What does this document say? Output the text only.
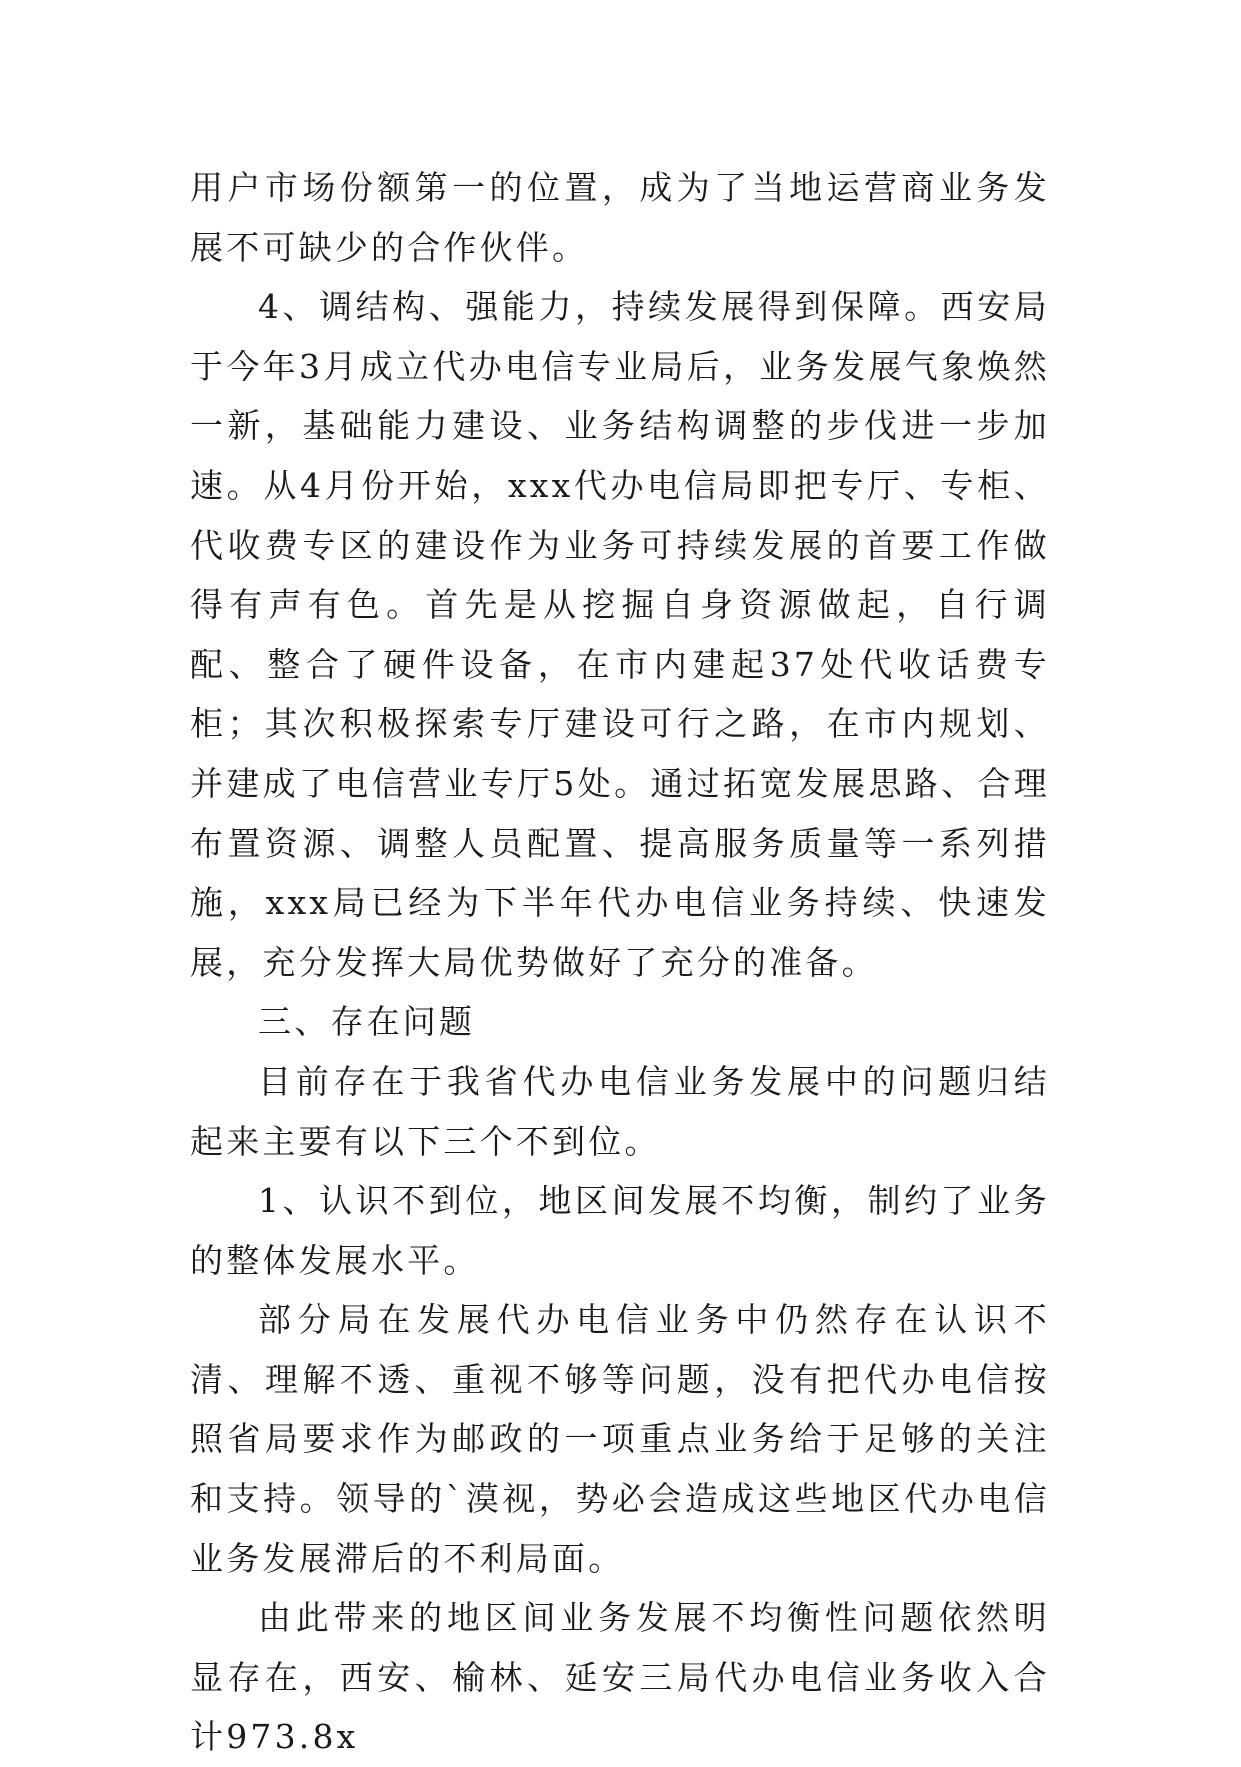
用户市场份额第一的位置，成为了当地运营商业务发展不可缺少的合作伙伴。

4、调结构、强能力，持续发展得到保障。西安局于今年3月成立代办电信专业局后，业务发展气象焕然一新，基础能力建设、业务结构调整的步伐进一步加速。从4月份开始，xxx代办电信局即把专厅、专柜、代收费专区的建设作为业务可持续发展的首要工作做得有声有色。首先是从挖掘自身资源做起，自行调配、整合了硬件设备，在市内建起37处代收话费专柜；其次积极探索专厅建设可行之路，在市内规划、并建成了电信营业专厅5处。通过拓宽发展思路、合理布置资源、调整人员配置、提高服务质量等一系列措施，xxx局已经为下半年代办电信业务持续、快速发展，充分发挥大局优势做好了充分的准备。

三、存在问题

目前存在于我省代办电信业务发展中的问题归结起来主要有以下三个不到位。

1、认识不到位，地区间发展不均衡，制约了业务的整体发展水平。

部分局在发展代办电信业务中仍然存在认识不清、理解不透、重视不够等问题，没有把代办电信按照省局要求作为邮政的一项重点业务给于足够的关注和支持。领导的`漠视，势必会造成这些地区代办电信业务发展滞后的不利局面。

由此带来的地区间业务发展不均衡性问题依然明显存在，西安、榆林、延安三局代办电信业务收入合计973.8x
